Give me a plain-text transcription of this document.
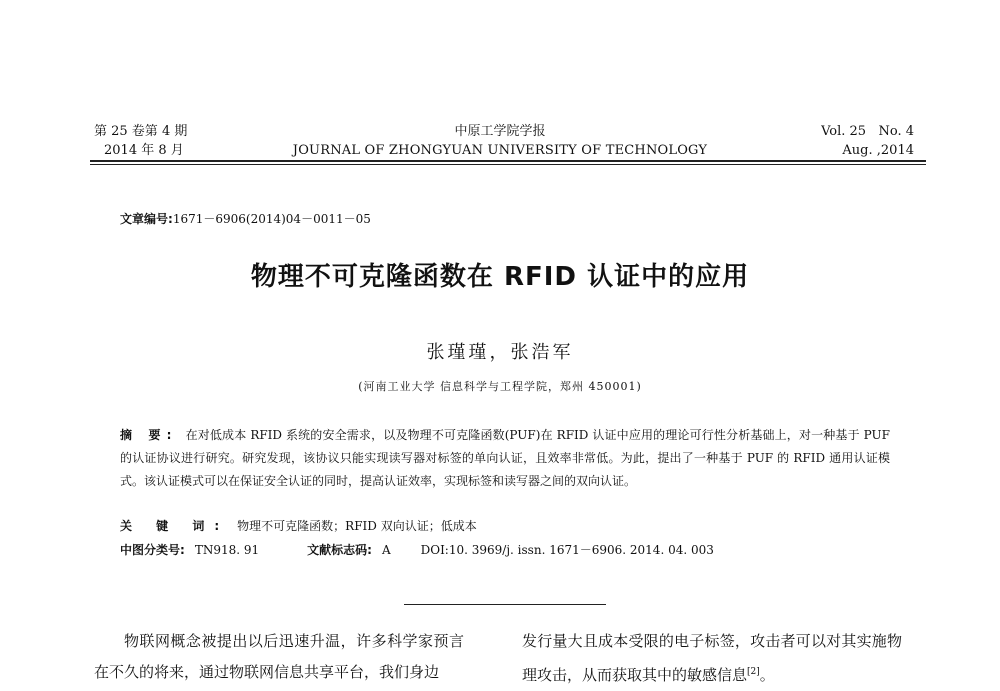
第 25 卷第 4 期
2014 年 8 月
中原工学院学报
JOURNAL OF ZHONGYUAN UNIVERSITY OF TECHNOLOGY
Vol. 25   No. 4
Aug. ,2014
文章编号:1671－6906(2014)04－0011－05
物理不可克隆函数在 RFID 认证中的应用
张瑾瑾，张浩军
(河南工业大学 信息科学与工程学院，郑州 450001)
摘 要: 在对低成本 RFID 系统的安全需求，以及物理不可克隆函数(PUF)在 RFID 认证中应用的理论可行性分析基础上，对一种基于 PUF 的认证协议进行研究。研究发现，该协议只能实现读写器对标签的单向认证，且效率非常低。为此，提出了一种基于 PUF 的 RFID 通用认证模式。该认证模式可以在保证安全认证的同时，提高认证效率，实现标签和读写器之间的双向认证。
关 键 词: 物理不可克隆函数；RFID 双向认证；低成本
中图分类号: TN918. 91	文献标志码: A	DOI:10. 3969/j. issn. 1671－6906. 2014. 04. 003
物联网概念被提出以后迅速升温，许多科学家预言在不久的将来，通过物联网信息共享平台，我们身边
发行量大且成本受限的电子标签，攻击者可以对其实施物理攻击，从而获取其中的敏感信息[2]。
